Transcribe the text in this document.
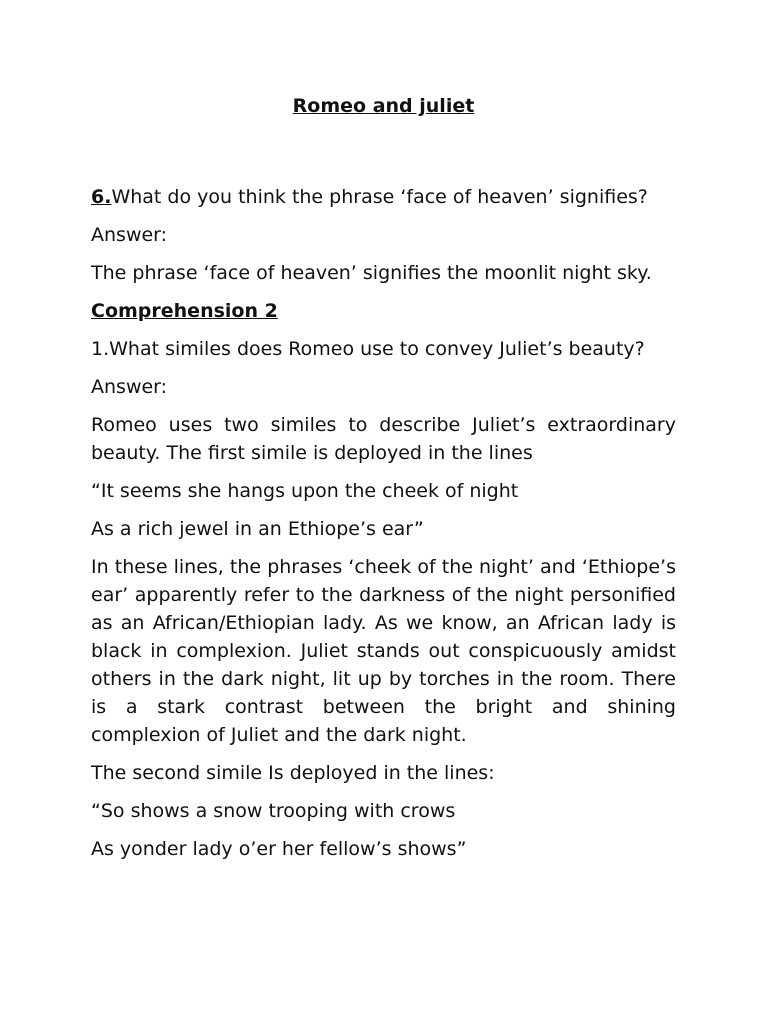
Romeo and juliet

6.What do you think the phrase ‘face of heaven’ signifies?

Answer:

The phrase ‘face of heaven’ signifies the moonlit night sky.

Comprehension 2

1.What similes does Romeo use to convey Juliet’s beauty?

Answer:

Romeo uses two similes to describe Juliet’s extraordinary beauty. The first simile is deployed in the lines

“It seems she hangs upon the cheek of night

As a rich jewel in an Ethiope’s ear”

In these lines, the phrases ‘cheek of the night’ and ‘Ethiope’s ear’ apparently refer to the darkness of the night personified as an African/Ethiopian lady. As we know, an African lady is black in complexion. Juliet stands out conspicuously amidst others in the dark night, lit up by torches in the room. There is a stark contrast between the bright and shining complexion of Juliet and the dark night.

The second simile Is deployed in the lines:

“So shows a snow trooping with crows

As yonder lady o’er her fellow’s shows”
